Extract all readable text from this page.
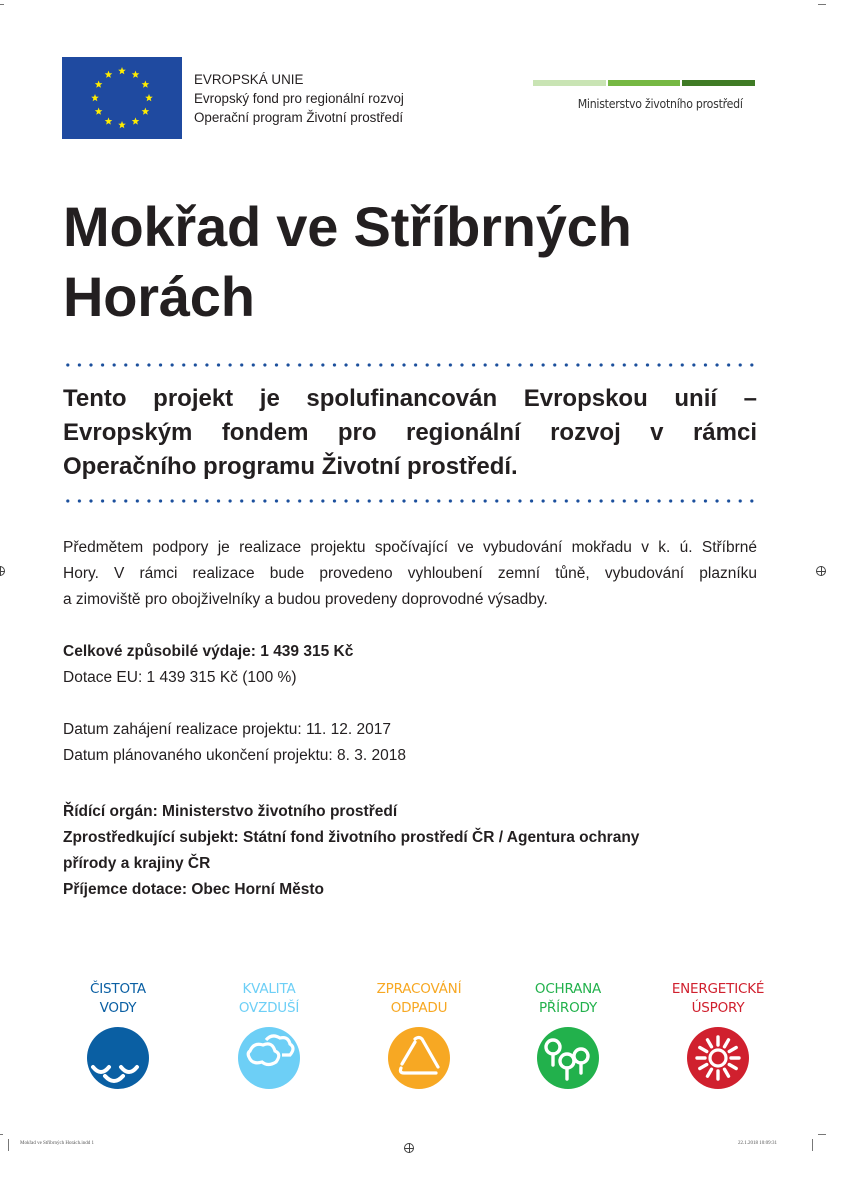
EVROPSKÁ UNIE
Evropský fond pro regionální rozvoj
Operační program Životní prostředí
Ministerstvo životního prostředí
Mokřad ve Stříbrných
Horách
Tento projekt je spolufinancován Evropskou unií –
Evropským fondem pro regionální rozvoj v rámci
Operačního programu Životní prostředí.
Předmětem podpory je realizace projektu spočívající ve vybudování mokřadu v k. ú. Stříbrné
Hory. V rámci realizace bude provedeno vyhloubení zemní tůně, vybudování plazníku
a zimoviště pro obojživelníky a budou provedeny doprovodné výsadby.
Celkové způsobilé výdaje: 1 439 315 Kč
Dotace EU: 1 439 315 Kč (100 %)
Datum zahájení realizace projektu: 11. 12. 2017
Datum plánovaného ukončení projektu: 8. 3. 2018
Řídící orgán: Ministerstvo životního prostředí
Zprostředkující subjekt: Státní fond životního prostředí ČR / Agentura ochrany
přírody a krajiny ČR
Příjemce dotace: Obec Horní Město
ČISTOTA
VODY
KVALITA
OVZDUŠÍ
ZPRACOVÁNÍ
ODPADU
OCHRANA
PŘÍRODY
ENERGETICKÉ
ÚSPORY
Mokřad ve Stříbrných Horách.indd 1	22.1.2018 10:09:31
